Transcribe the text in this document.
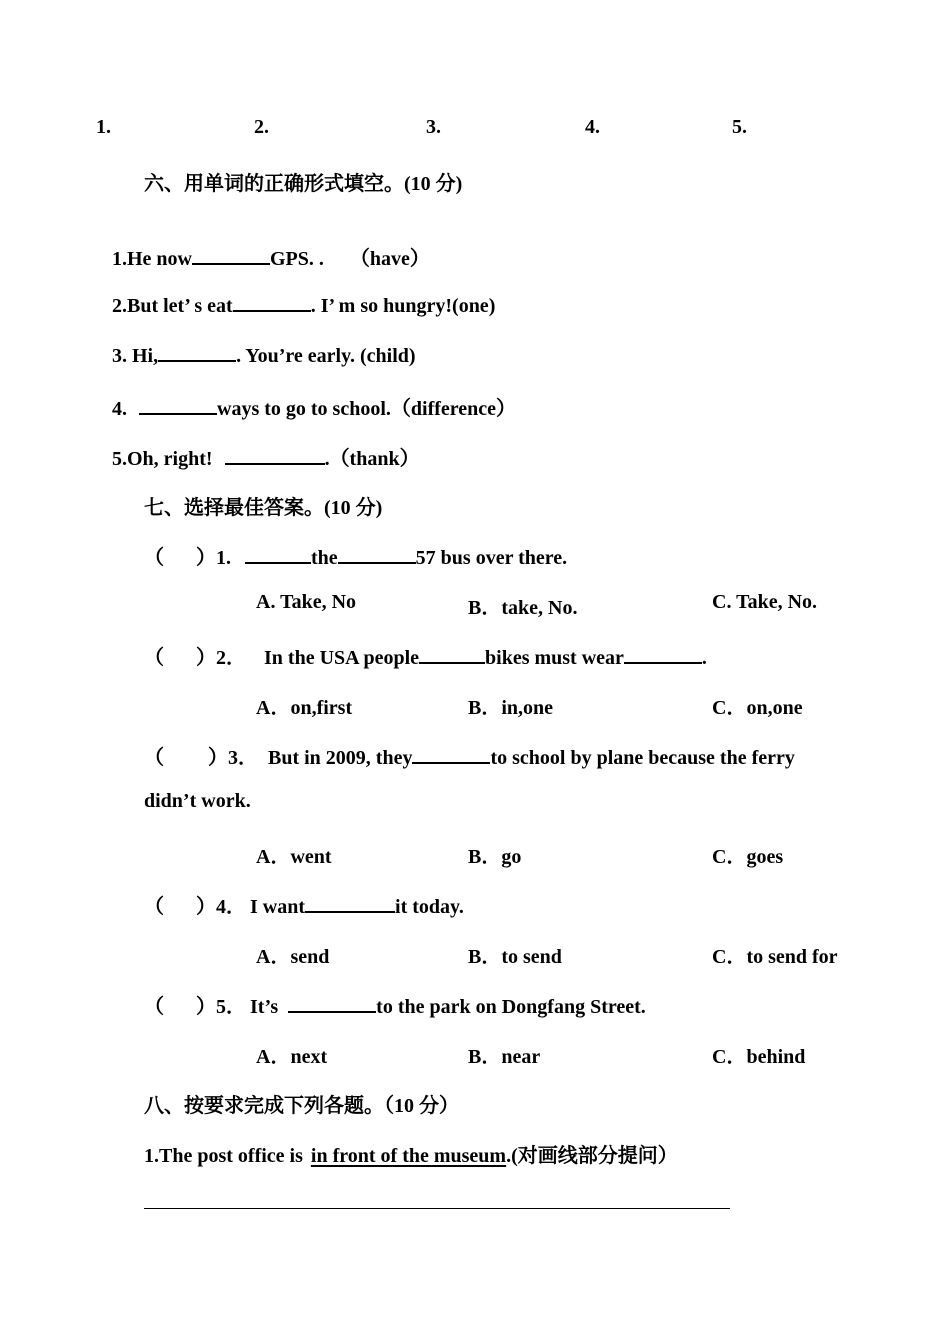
1.	2.	3.	4.	5.
六、用单词的正确形式填空。(10 分)
1.He now	GPS. . （have）
2.But let’ s eat	. I’ m so hungry!(one)
3. Hi,	. You’re early. (child)
4.	ways to go to school.（difference）
5.Oh, right!	.（thank）
七、选择最佳答案。(10 分)
（ ）1.	the	57 bus over there.
A. Take, No	B．take, No.	C. Take, No.
（ ）2． In the USA people	bikes must wear	.
A．on,first	B．in,one	C．on,one
（ ）3． But in 2009, they	to school by plane because the ferry
didn’t work.
A．went	B．go	C．goes
（ ）4． I want	it today.
A．send	B．to send	C．to send for
（ ）5． It’s	to the park on Dongfang Street.
A．next	B．near	C．behind
八、按要求完成下列各题。（10 分）
1.The post office is in front of the museum.(对画线部分提问）
